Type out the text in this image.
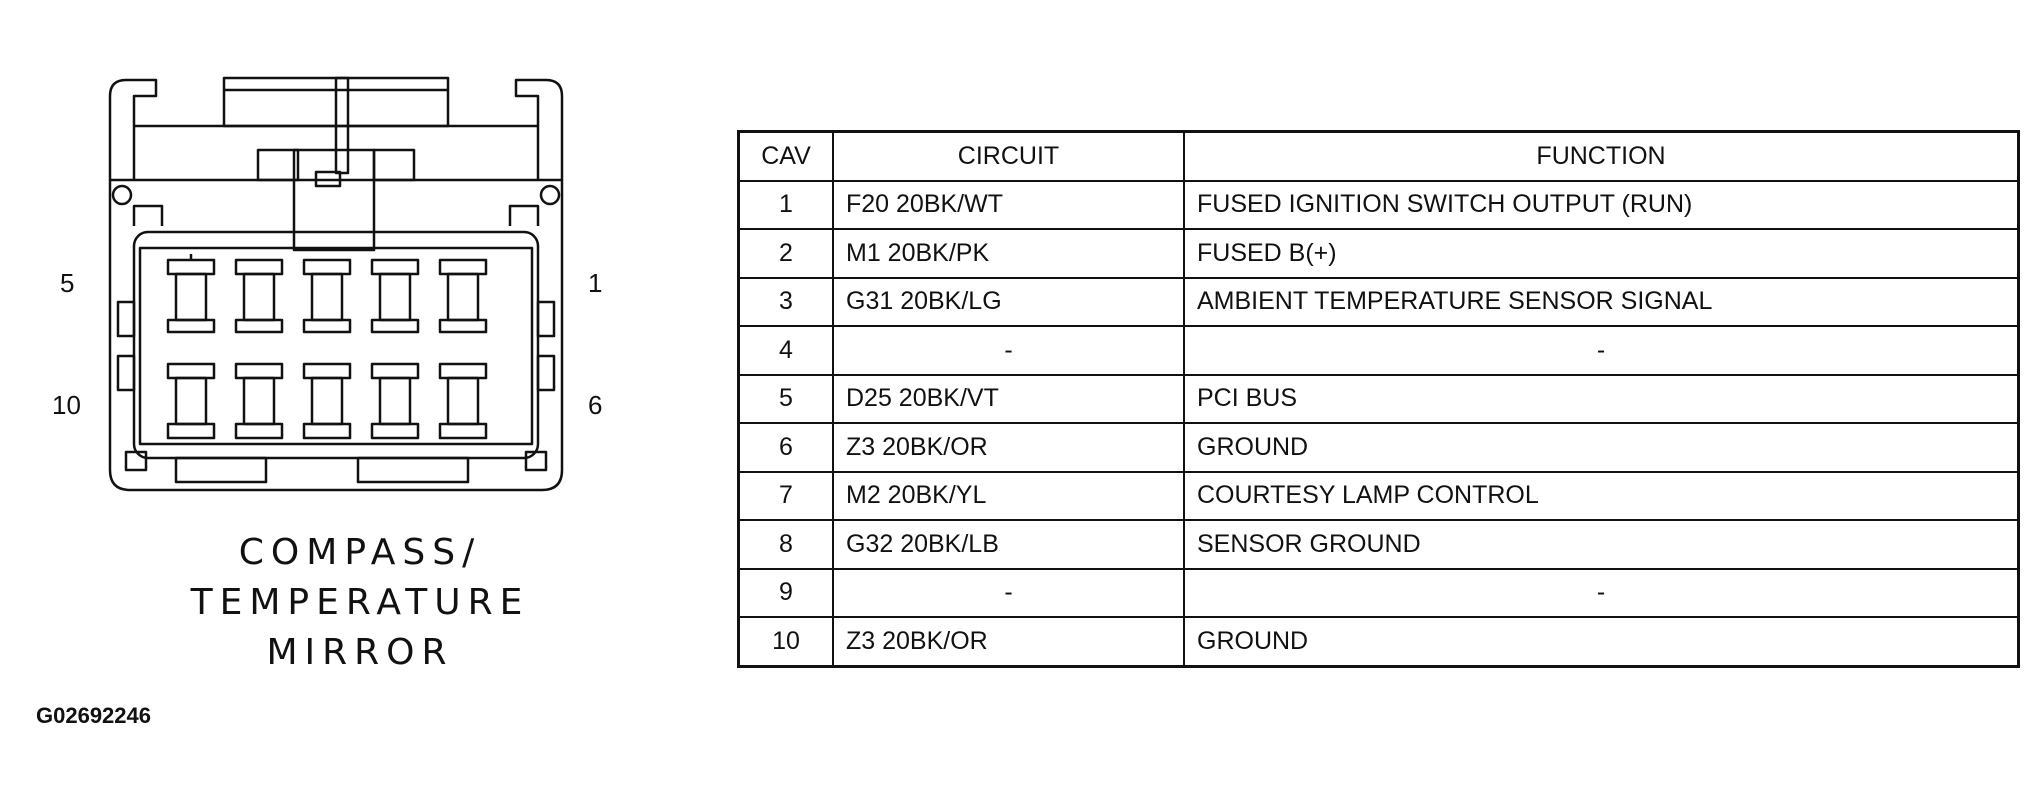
5	1
10	6
COMPASS/
TEMPERATURE
MIRROR
G02692246
CAV	CIRCUIT	FUNCTION
1	F20 20BK/WT	FUSED IGNITION SWITCH OUTPUT (RUN)
2	M1 20BK/PK	FUSED B(+)
3	G31 20BK/LG	AMBIENT TEMPERATURE SENSOR SIGNAL
4	-	-
5	D25 20BK/VT	PCI BUS
6	Z3 20BK/OR	GROUND
7	M2 20BK/YL	COURTESY LAMP CONTROL
8	G32 20BK/LB	SENSOR GROUND
9	-	-
10	Z3 20BK/OR	GROUND
